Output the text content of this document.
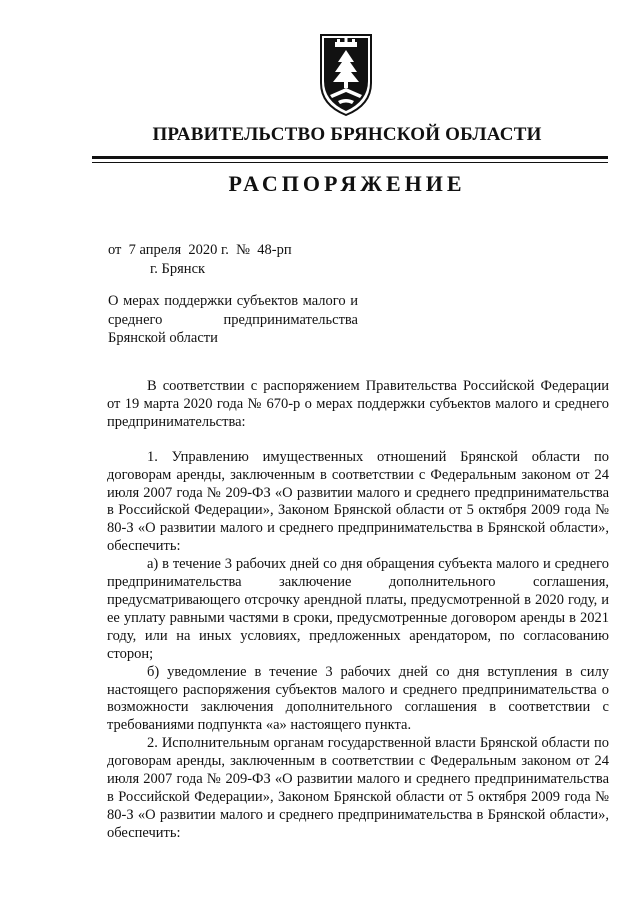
ПРАВИТЕЛЬСТВО БРЯНСКОЙ ОБЛАСТИ
РАСПОРЯЖЕНИЕ
от  7 апреля  2020 г.  №  48-рп
г. Брянск
О мерах поддержки субъектов малого и среднего предпринимательства Брянской области

В соответствии с распоряжением Правительства Российской Федерации от 19 марта 2020 года № 670-р о мерах поддержки субъектов малого и среднего предпринимательства:

1. Управлению имущественных отношений Брянской области по договорам аренды, заключенным в соответствии с Федеральным законом от 24 июля 2007 года № 209-ФЗ «О развитии малого и среднего предпринимательства в Российской Федерации», Законом Брянской области от 5 октября 2009 года № 80-З «О развитии малого и среднего предпринимательства в Брянской области», обеспечить:

а) в течение 3 рабочих дней со дня обращения субъекта малого и среднего предпринимательства заключение дополнительного соглашения, предусматривающего отсрочку арендной платы, предусмотренной в 2020 году, и ее уплату равными частями в сроки, предусмотренные договором аренды в 2021 году, или на иных условиях, предложенных арендатором, по согласованию сторон;

б) уведомление в течение 3 рабочих дней со дня вступления в силу настоящего распоряжения субъектов малого и среднего предпринимательства о возможности заключения дополнительного соглашения в соответствии с требованиями подпункта «а» настоящего пункта.

2. Исполнительным органам государственной власти Брянской области по договорам аренды, заключенным в соответствии с Федеральным законом от 24 июля 2007 года № 209-ФЗ «О развитии малого и среднего предпринимательства в Российской Федерации», Законом Брянской области от 5 октября 2009 года № 80-З «О развитии малого и среднего предпринимательства в Брянской области», обеспечить:
